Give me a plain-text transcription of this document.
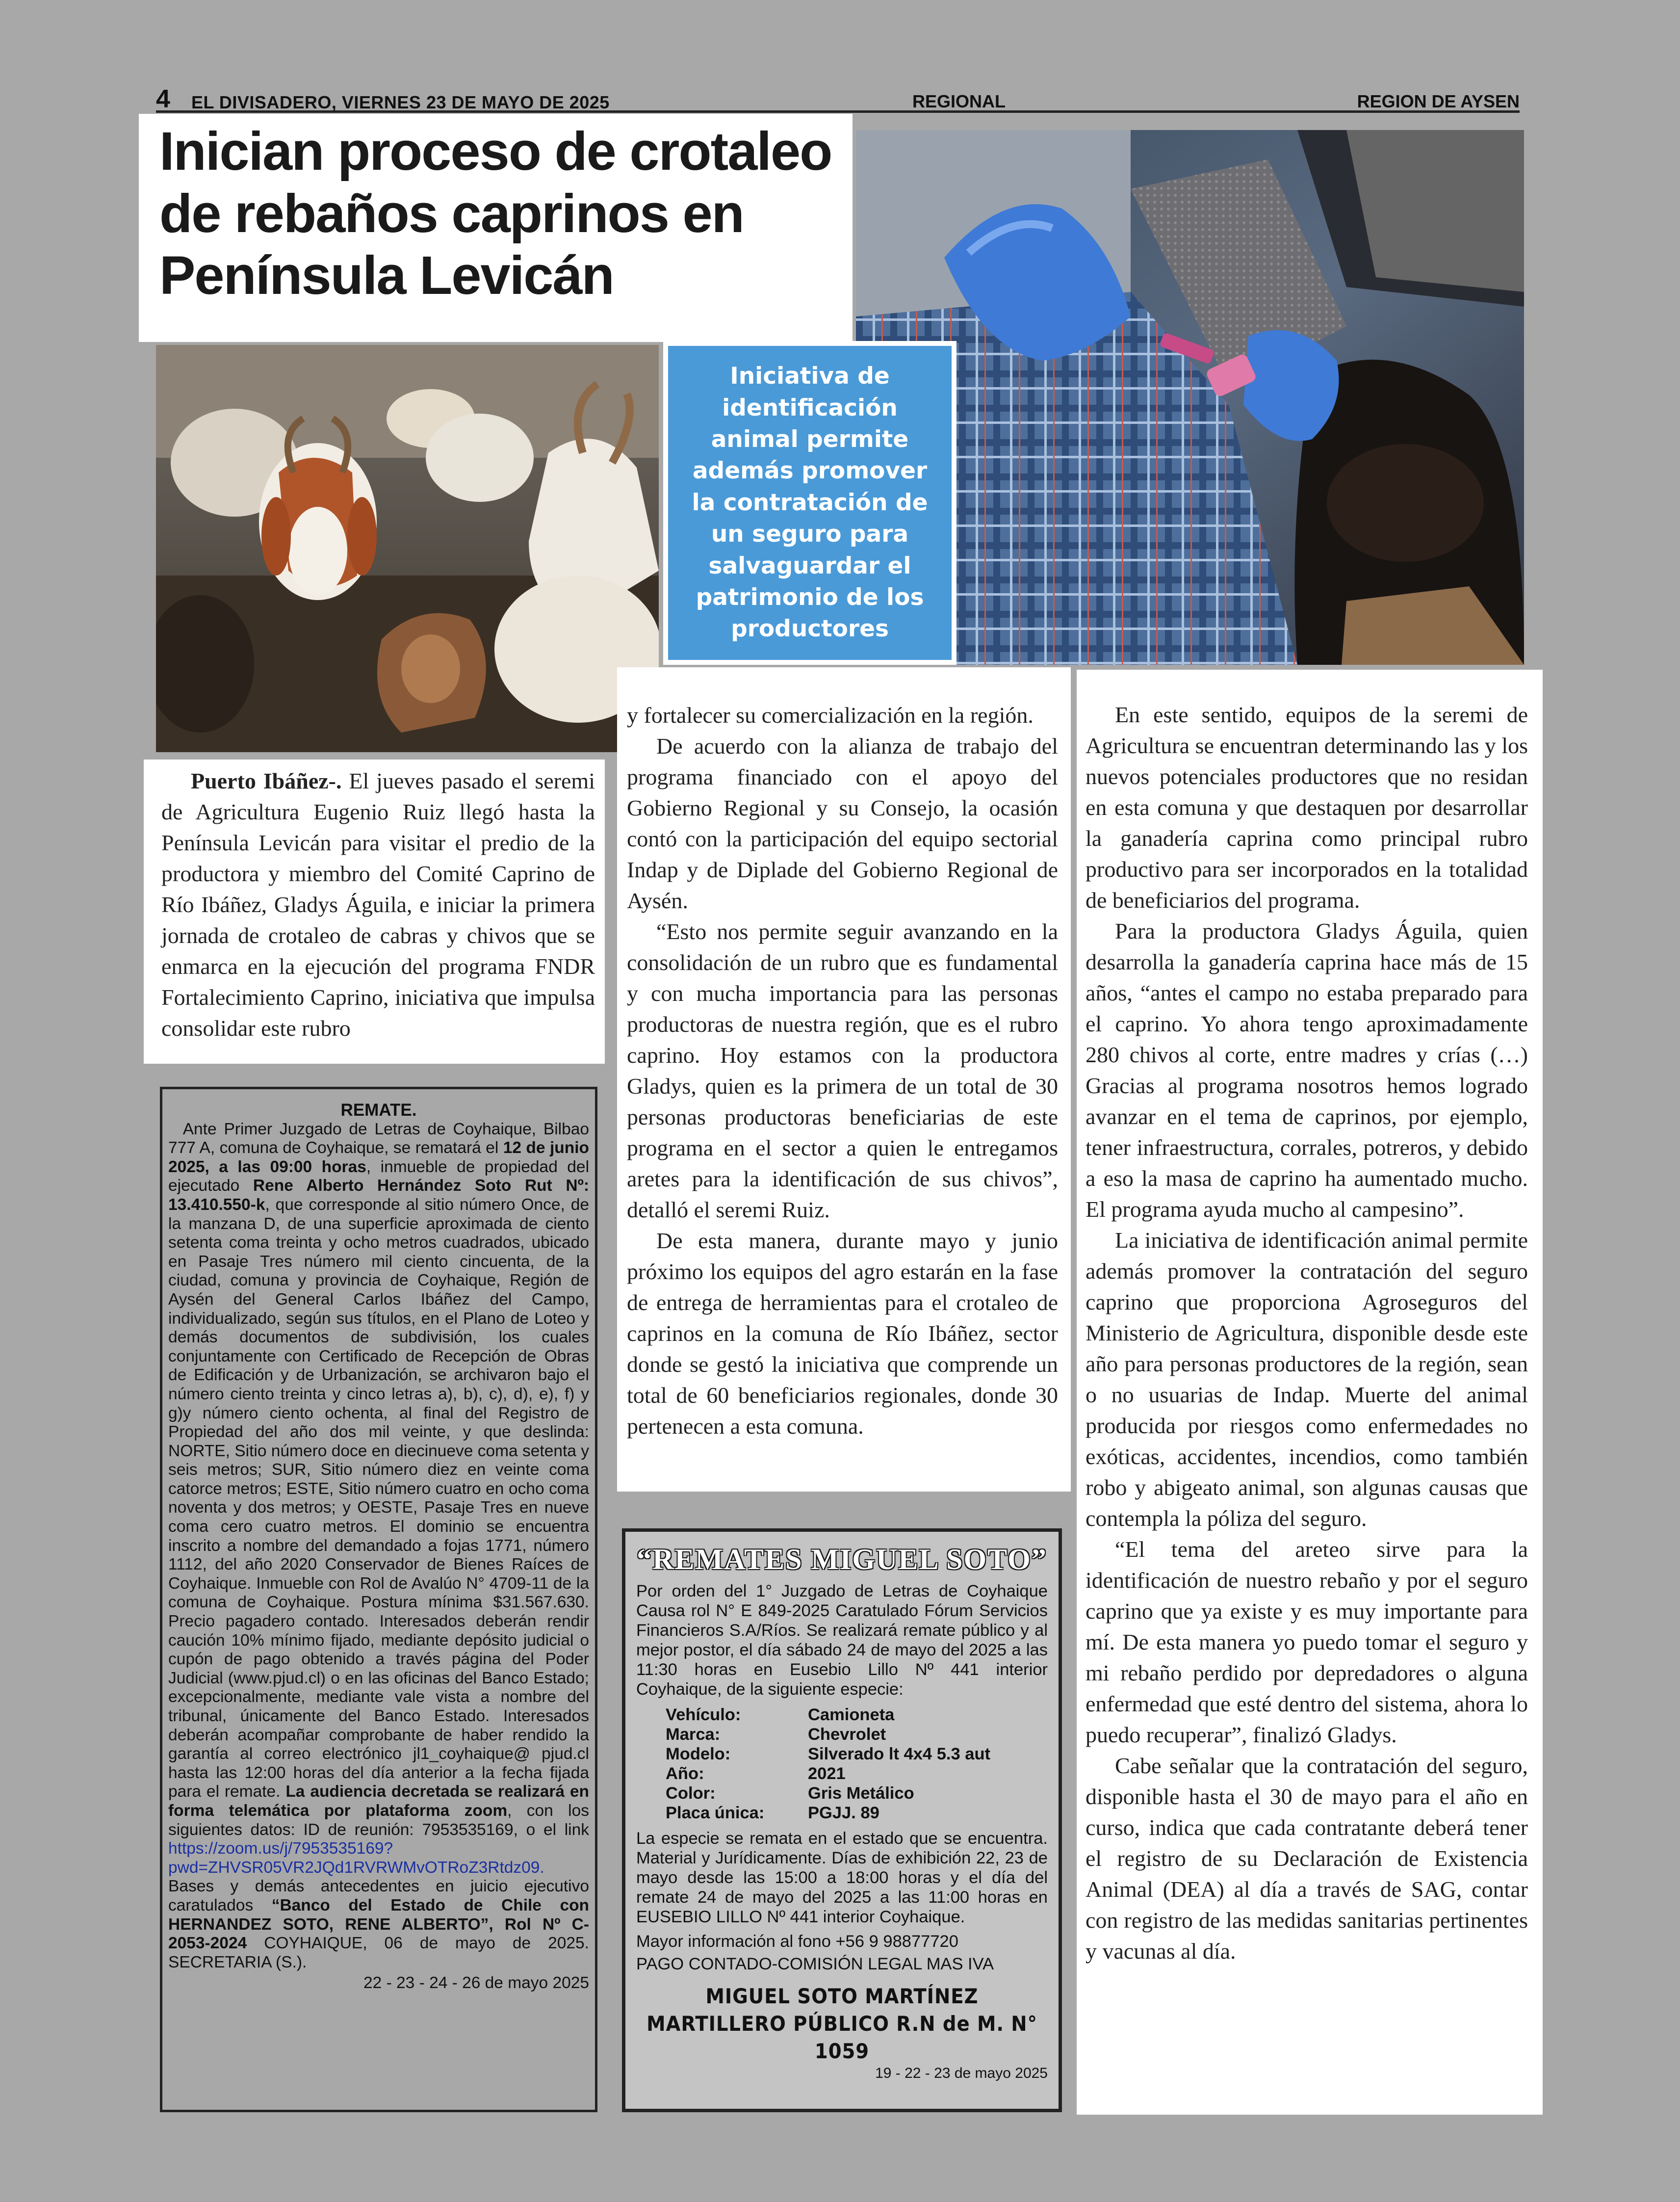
4 EL DIVISADERO, VIERNES 23 DE MAYO DE 2025	REGIONAL	REGION DE AYSEN
Inician proceso de crotaleo de rebaños caprinos en Península Levicán
Iniciativa de identificación animal permite además promover la contratación de un seguro para salvaguardar el patrimonio de los productores

Puerto Ibáñez-. El jueves pasado el seremi de Agricultura Eugenio Ruiz llegó hasta la Península Levicán para visitar el predio de la productora y miembro del Comité Caprino de Río Ibáñez, Gladys Águila, e iniciar la primera jornada de crotaleo de cabras y chivos que se enmarca en la ejecución del programa FNDR Fortalecimiento Caprino, iniciativa que impulsa consolidar este rubro

y fortalecer su comercialización en la región.

De acuerdo con la alianza de trabajo del programa financiado con el apoyo del Gobierno Regional y su Consejo, la ocasión contó con la participación del equipo sectorial Indap y de Diplade del Gobierno Regional de Aysén.

“Esto nos permite seguir avanzando en la consolidación de un rubro que es fundamental y con mucha importancia para las personas productoras de nuestra región, que es el rubro caprino. Hoy estamos con la productora Gladys, quien es la primera de un total de 30 personas productoras beneficiarias de este programa en el sector a quien le entregamos aretes para la identificación de sus chivos”, detalló el seremi Ruiz.

De esta manera, durante mayo y junio próximo los equipos del agro estarán en la fase de entrega de herramientas para el crotaleo de caprinos en la comuna de Río Ibáñez, sector donde se gestó la iniciativa que comprende un total de 60 beneficiarios regionales, donde 30 pertenecen a esta comuna.

En este sentido, equipos de la seremi de Agricultura se encuentran determinando las y los nuevos potenciales productores que no residan en esta comuna y que destaquen por desarrollar la ganadería caprina como principal rubro productivo para ser incorporados en la totalidad de beneficiarios del programa.

Para la productora Gladys Águila, quien desarrolla la ganadería caprina hace más de 15 años, “antes el campo no estaba preparado para el caprino. Yo ahora tengo aproximadamente 280 chivos al corte, entre madres y crías (…) Gracias al programa nosotros hemos logrado avanzar en el tema de caprinos, por ejemplo, tener infraestructura, corrales, potreros, y debido a eso la masa de caprino ha aumentado mucho. El programa ayuda mucho al campesino”.

La iniciativa de identificación animal permite además promover la contratación del seguro caprino que proporciona Agroseguros del Ministerio de Agricultura, disponible desde este año para personas productores de la región, sean o no usuarias de Indap. Muerte del animal producida por riesgos como enfermedades no exóticas, accidentes, incendios, como también robo y abigeato animal, son algunas causas que contempla la póliza del seguro.

“El tema del areteo sirve para la identificación de nuestro rebaño y por el seguro caprino que ya existe y es muy importante para mí. De esta manera yo puedo tomar el seguro y mi rebaño perdido por depredadores o alguna enfermedad que esté dentro del sistema, ahora lo puedo recuperar”, finalizó Gladys.

Cabe señalar que la contratación del seguro, disponible hasta el 30 de mayo para el año en curso, indica que cada contratante deberá tener el registro de su Declaración de Existencia Animal (DEA) al día a través de SAG, contar con registro de las medidas sanitarias pertinentes y vacunas al día.

REMATE.
Ante Primer Juzgado de Letras de Coyhaique, Bilbao 777 A, comuna de Coyhaique, se rematará el 12 de junio 2025, a las 09:00 horas, inmueble de propiedad del ejecutado Rene Alberto Hernández Soto Rut Nº: 13.410.550-k, que corresponde al sitio número Once, de la manzana D, de una superficie aproximada de ciento setenta coma treinta y ocho metros cuadrados, ubicado en Pasaje Tres número mil ciento cincuenta, de la ciudad, comuna y provincia de Coyhaique, Región de Aysén del General Carlos Ibáñez del Campo, individualizado, según sus títulos, en el Plano de Loteo y demás documentos de subdivisión, los cuales conjuntamente con Certificado de Recepción de Obras de Edificación y de Urbanización, se archivaron bajo el número ciento treinta y cinco letras a), b), c), d), e), f) y g)y número ciento ochenta, al final del Registro de Propiedad del año dos mil veinte, y que deslinda: NORTE, Sitio número doce en diecinueve coma setenta y seis metros; SUR, Sitio número diez en veinte coma catorce metros; ESTE, Sitio número cuatro en ocho coma noventa y dos metros; y OESTE, Pasaje Tres en nueve coma cero cuatro metros. El dominio se encuentra inscrito a nombre del demandado a fojas 1771, número 1112, del año 2020 Conservador de Bienes Raíces de Coyhaique. Inmueble con Rol de Avalúo N° 4709-11 de la comuna de Coyhaique. Postura mínima $31.567.630. Precio pagadero contado. Interesados deberán rendir caución 10% mínimo fijado, mediante depósito judicial o cupón de pago obtenido a través página del Poder Judicial (www.pjud.cl) o en las oficinas del Banco Estado; excepcionalmente, mediante vale vista a nombre del tribunal, únicamente del Banco Estado. Interesados deberán acompañar comprobante de haber rendido la garantía al correo electrónico jl1_coyhaique@ pjud.cl hasta las 12:00 horas del día anterior a la fecha fijada para el remate. La audiencia decretada se realizará en forma telemática por plataforma zoom, con los siguientes datos: ID de reunión: 7953535169, o el link https://zoom.us/j/7953535169?pwd=ZHVSR05VR2JQd1RVRWMvOTRoZ3Rtdz09. Bases y demás antecedentes en juicio ejecutivo caratulados “Banco del Estado de Chile con HERNANDEZ SOTO, RENE ALBERTO”, Rol Nº C-2053-2024 COYHAIQUE, 06 de mayo de 2025. SECRETARIA (S.).
22 - 23 - 24 - 26 de mayo 2025
“REMATES MIGUEL SOTO”
Por orden del 1° Juzgado de Letras de Coyhaique Causa rol N° E 849-2025 Caratulado Fórum Servicios Financieros S.A/Ríos. Se realizará remate público y al mejor postor, el día sábado 24 de mayo del 2025 a las 11:30 horas en Eusebio Lillo Nº 441 interior Coyhaique, de la siguiente especie:
Vehículo:	Camioneta
Marca:	Chevrolet
Modelo:	Silverado lt 4x4 5.3 aut
Año:	2021
Color:	Gris Metálico
Placa única:	PGJJ. 89
La especie se remata en el estado que se encuentra. Material y Jurídicamente. Días de exhibición 22, 23 de mayo desde las 15:00 a 18:00 horas y el día del remate 24 de mayo del 2025 a las 11:00 horas en EUSEBIO LILLO Nº 441 interior Coyhaique.
Mayor información al fono +56 9 98877720
PAGO CONTADO-COMISIÓN LEGAL MAS IVA
MIGUEL SOTO MARTÍNEZ
MARTILLERO PÚBLICO R.N de M. N° 1059
19 - 22 - 23 de mayo 2025
